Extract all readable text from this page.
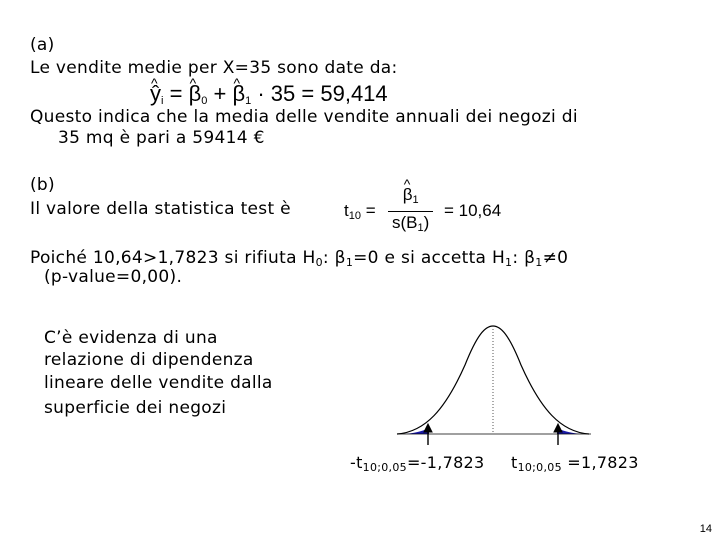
(a)
Le vendite medie per X=35 sono date da:
^ $ŷ_i$ = ^ $\beta_0$ + ^ $\beta_1 \cdot 35 = 59,414$
Questo indica che la media delle vendite annuali dei negozi di
35 mq è pari a 59414 €
(b)
Il valore della statistica test è	$t_{10}$ =
^ $\beta_1$
$s(B_1)$
= 10,64
Poiché 10,64>1,7823 si rifiuta $H_0$: $\beta_1=0$ e si accetta $H_1$: $\beta_1\ne 0$
(p-value=0,00).
C’è evidenza di una
relazione di dipendenza
lineare delle vendite dalla
superficie dei negozi
$-t_{10;0,05}=-1,7823$ $t_{10;0,05} =1,7823$
14
